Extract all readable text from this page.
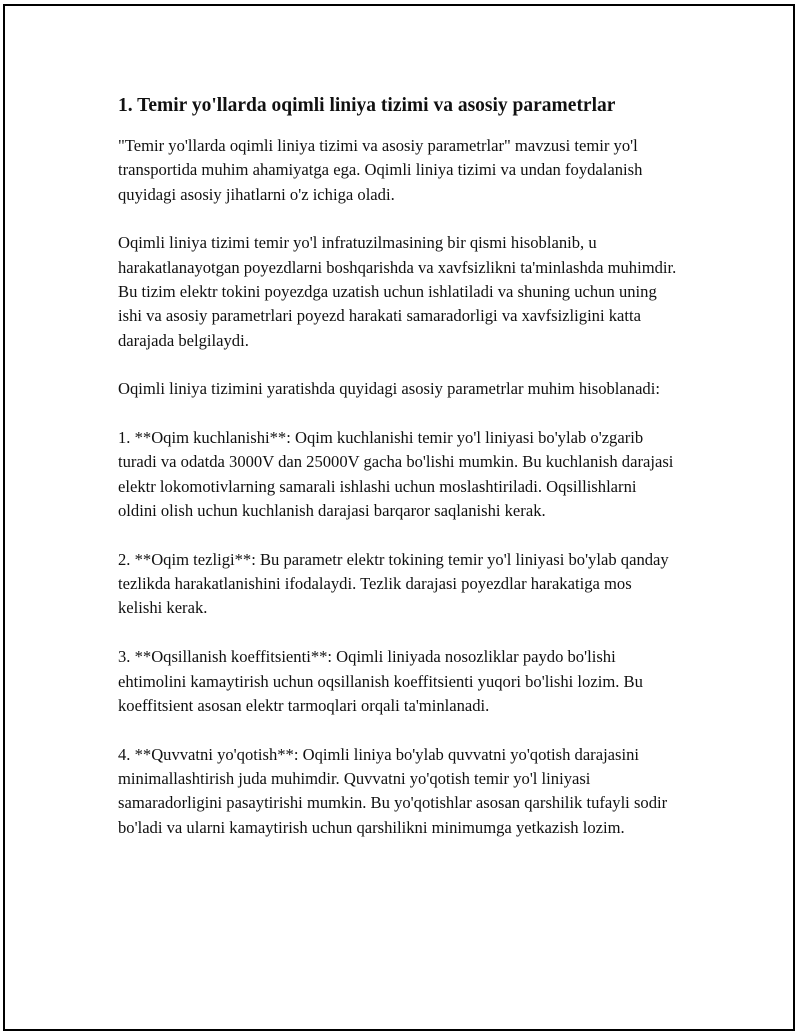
1. Temir yo'llarda oqimli liniya tizimi va asosiy parametrlar

"Temir yo'llarda oqimli liniya tizimi va asosiy parametrlar" mavzusi temir yo'l transportida muhim ahamiyatga ega. Oqimli liniya tizimi va undan foydalanish quyidagi asosiy jihatlarni o'z ichiga oladi.

Oqimli liniya tizimi temir yo'l infratuzilmasining bir qismi hisoblanib, u harakatlanayotgan poyezdlarni boshqarishda va xavfsizlikni ta'minlashda muhimdir. Bu tizim elektr tokini poyezdga uzatish uchun ishlatiladi va shuning uchun uning ishi va asosiy parametrlari poyezd harakati samaradorligi va xavfsizligini katta darajada belgilaydi.

Oqimli liniya tizimini yaratishda quyidagi asosiy parametrlar muhim hisoblanadi:

1. **Oqim kuchlanishi**: Oqim kuchlanishi temir yo'l liniyasi bo'ylab o'zgarib turadi va odatda 3000V dan 25000V gacha bo'lishi mumkin. Bu kuchlanish darajasi elektr lokomotivlarning samarali ishlashi uchun moslashtiriladi. Oqsillishlarni oldini olish uchun kuchlanish darajasi barqaror saqlanishi kerak.

2. **Oqim tezligi**: Bu parametr elektr tokining temir yo'l liniyasi bo'ylab qanday tezlikda harakatlanishini ifodalaydi. Tezlik darajasi poyezdlar harakatiga mos kelishi kerak.

3. **Oqsillanish koeffitsienti**: Oqimli liniyada nosozliklar paydo bo'lishi ehtimolini kamaytirish uchun oqsillanish koeffitsienti yuqori bo'lishi lozim. Bu koeffitsient asosan elektr tarmoqlari orqali ta'minlanadi.

4. **Quvvatni yo'qotish**: Oqimli liniya bo'ylab quvvatni yo'qotish darajasini minimallashtirish juda muhimdir. Quvvatni yo'qotish temir yo'l liniyasi samaradorligini pasaytirishi mumkin. Bu yo'qotishlar asosan qarshilik tufayli sodir bo'ladi va ularni kamaytirish uchun qarshilikni minimumga yetkazish lozim.
